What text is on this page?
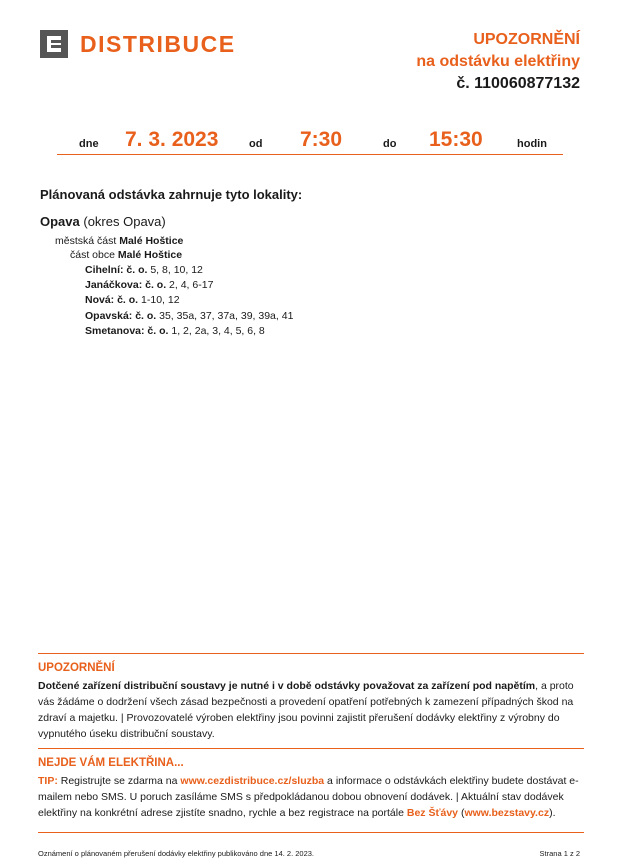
DISTRIBUCE	UPOZORNĚNÍ
na odstávku elektřiny
č. 110060877132
dne 7. 3. 2023	od 7:30	do 15:30	hodin
Plánovaná odstávka zahrnuje tyto lokality:
Opava (okres Opava)
městská část Malé Hoštice
část obce Malé Hoštice
Cihelní: č. o. 5, 8, 10, 12
Janáčkova: č. o. 2, 4, 6-17
Nová: č. o. 1-10, 12
Opavská: č. o. 35, 35a, 37, 37a, 39, 39a, 41
Smetanova: č. o. 1, 2, 2a, 3, 4, 5, 6, 8
UPOZORNĚNÍ
Dotčené zařízení distribuční soustavy je nutné i v době odstávky považovat za zařízení pod napětím, a proto vás žádáme o dodržení všech zásad bezpečnosti a provedení opatření potřebných k zamezení případných škod na zdraví a majetku. | Provozovatelé výroben elektřiny jsou povinni zajistit přerušení dodávky elektřiny z výrobny do vypnutého úseku distribuční soustavy.
NEJDE VÁM ELEKTŘINA...
TIP: Registrujte se zdarma na www.cezdistribuce.cz/sluzba a informace o odstávkách elektřiny budete dostávat e-mailem nebo SMS. U poruch zasíláme SMS s předpokládanou dobou obnovení dodávek. | Aktuální stav dodávek elektřiny na konkrétní adrese zjistíte snadno, rychle a bez registrace na portále Bez Šťávy (www.bezstavy.cz).
Oznámení o plánovaném přerušení dodávky elektřiny publikováno dne 14. 2. 2023.	Strana 1 z 2
